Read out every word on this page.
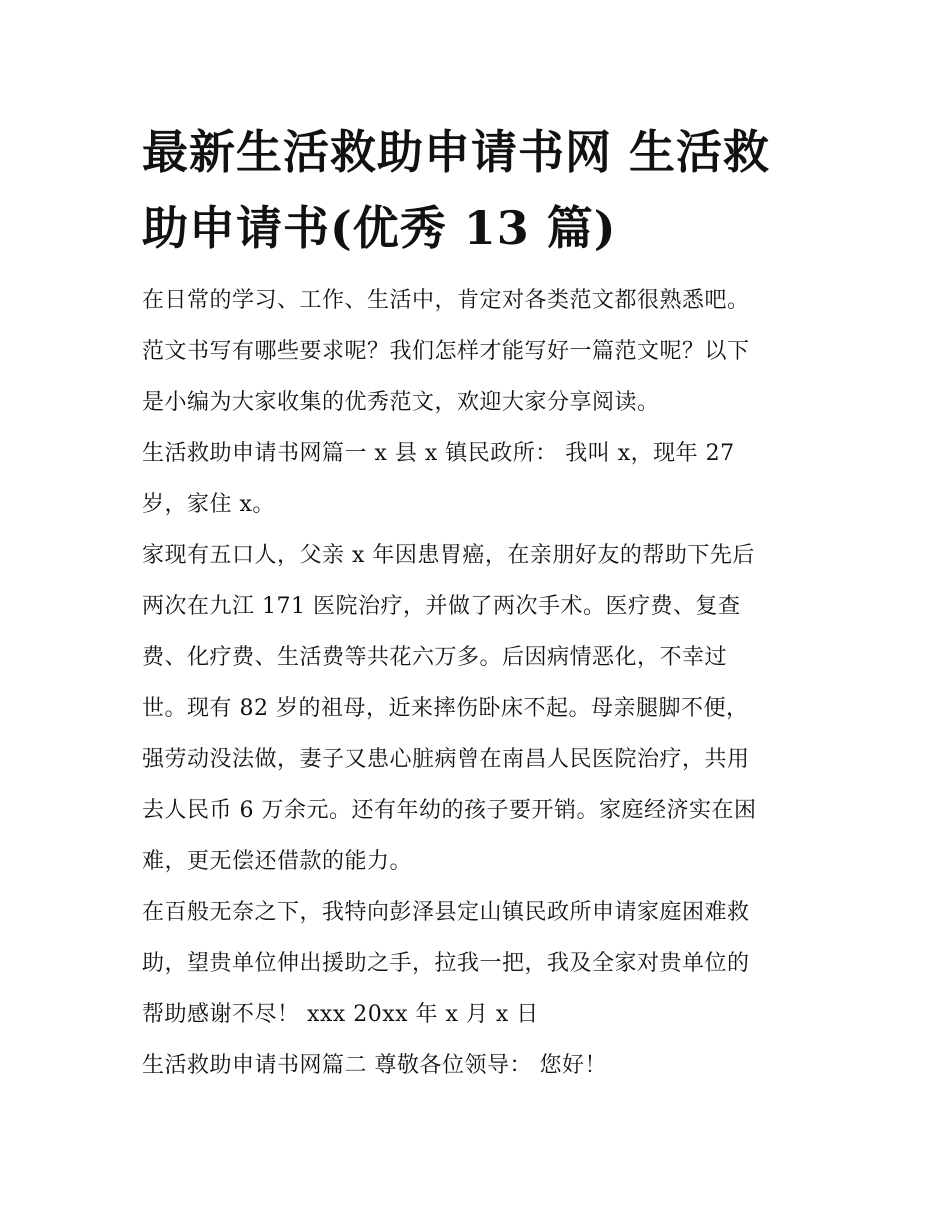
最新生活救助申请书网 生活救
助申请书(优秀 13 篇)
在日常的学习、工作、生活中，肯定对各类范文都很熟悉吧。
范文书写有哪些要求呢？我们怎样才能写好一篇范文呢？以下
是小编为大家收集的优秀范文，欢迎大家分享阅读。
生活救助申请书网篇一 x 县 x 镇民政所： 我叫 x，现年 27
岁，家住 x。
家现有五口人，父亲 x 年因患胃癌，在亲朋好友的帮助下先后
两次在九江 171 医院治疗，并做了两次手术。医疗费、复查
费、化疗费、生活费等共花六万多。后因病情恶化，不幸过
世。现有 82 岁的祖母，近来摔伤卧床不起。母亲腿脚不便，
强劳动没法做，妻子又患心脏病曾在南昌人民医院治疗，共用
去人民币 6 万余元。还有年幼的孩子要开销。家庭经济实在困
难，更无偿还借款的能力。
在百般无奈之下，我特向彭泽县定山镇民政所申请家庭困难救
助，望贵单位伸出援助之手，拉我一把，我及全家对贵单位的
帮助感谢不尽！ xxx 20xx 年 x 月 x 日
生活救助申请书网篇二 尊敬各位领导： 您好！
